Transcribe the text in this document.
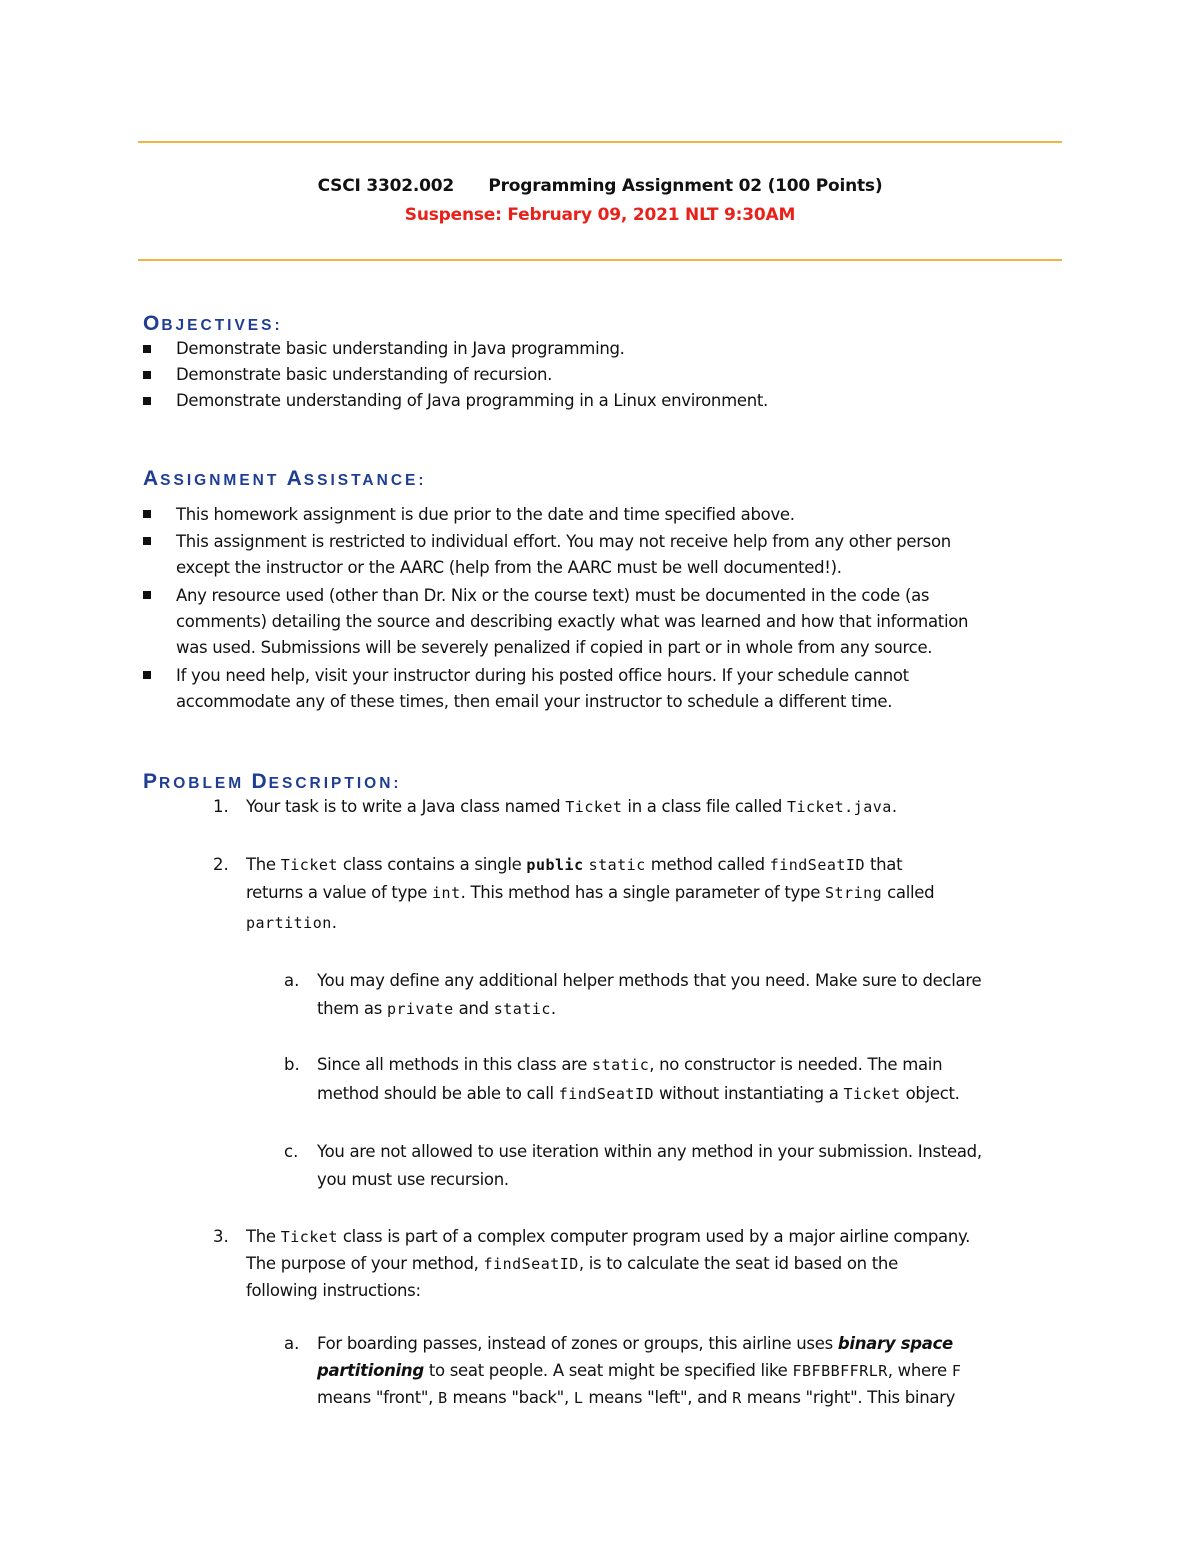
CSCI 3302.002 Programming Assignment 02 (100 Points)
Suspense: February 09, 2021 NLT 9:30AM
OBJECTIVES:
Demonstrate basic understanding in Java programming.
Demonstrate basic understanding of recursion.
Demonstrate understanding of Java programming in a Linux environment.
ASSIGNMENT ASSISTANCE:
This homework assignment is due prior to the date and time specified above.
This assignment is restricted to individual effort. You may not receive help from any other person
except the instructor or the AARC (help from the AARC must be well documented!).
Any resource used (other than Dr. Nix or the course text) must be documented in the code (as
comments) detailing the source and describing exactly what was learned and how that information
was used. Submissions will be severely penalized if copied in part or in whole from any source.
If you need help, visit your instructor during his posted office hours. If your schedule cannot
accommodate any of these times, then email your instructor to schedule a different time.
PROBLEM DESCRIPTION:
1. Your task is to write a Java class named Ticket in a class file called Ticket.java.
2. The Ticket class contains a single public static method called findSeatID that
returns a value of type int. This method has a single parameter of type String called
partition.
a. You may define any additional helper methods that you need. Make sure to declare
them as private and static.
b. Since all methods in this class are static, no constructor is needed. The main
method should be able to call findSeatID without instantiating a Ticket object.
c. You are not allowed to use iteration within any method in your submission. Instead,
you must use recursion.
3. The Ticket class is part of a complex computer program used by a major airline company.
The purpose of your method, findSeatID, is to calculate the seat id based on the
following instructions:
a. For boarding passes, instead of zones or groups, this airline uses binary space
partitioning to seat people. A seat might be specified like FBFBBFFRLR, where F
means "front", B means "back", L means "left", and R means "right". This binary
